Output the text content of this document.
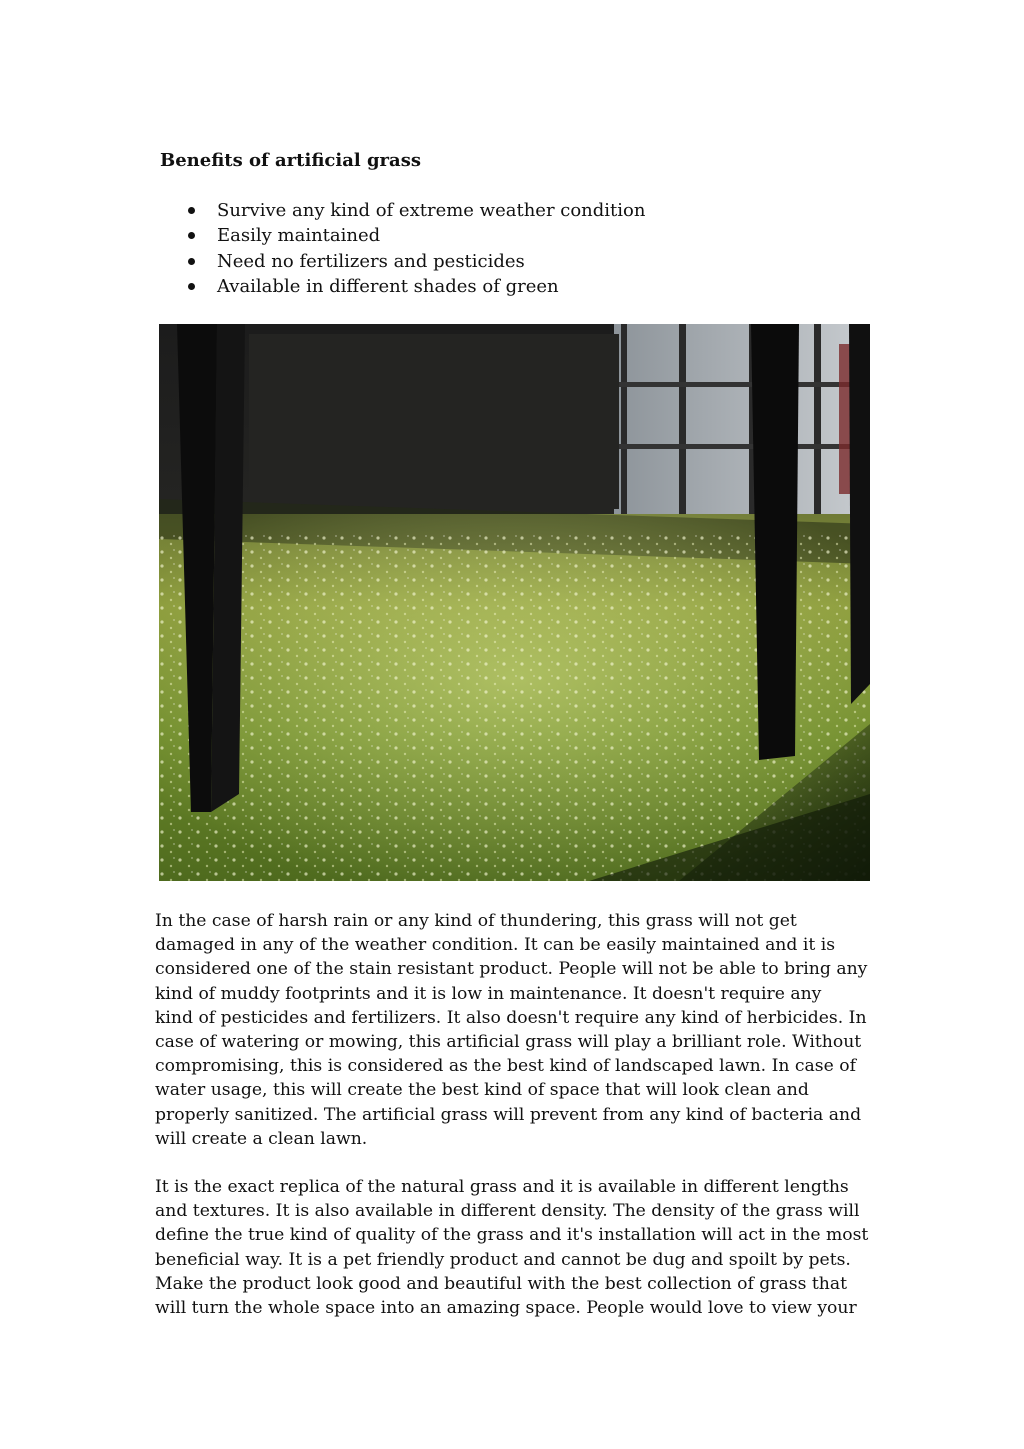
Benefits of artificial grass
Survive any kind of extreme weather condition
Easily maintained
Need no fertilizers and pesticides
Available in different shades of green
In the case of harsh rain or any kind of thundering, this grass will not get
damaged in any of the weather condition. It can be easily maintained and it is
considered one of the stain resistant product. People will not be able to bring any
kind of muddy footprints and it is low in maintenance. It doesn't require any
kind of pesticides and fertilizers. It also doesn't require any kind of herbicides. In
case of watering or mowing, this artificial grass will play a brilliant role. Without
compromising, this is considered as the best kind of landscaped lawn. In case of
water usage, this will create the best kind of space that will look clean and
properly sanitized. The artificial grass will prevent from any kind of bacteria and
will create a clean lawn.
It is the exact replica of the natural grass and it is available in different lengths
and textures. It is also available in different density. The density of the grass will
define the true kind of quality of the grass and it's installation will act in the most
beneficial way. It is a pet friendly product and cannot be dug and spoilt by pets.
Make the product look good and beautiful with the best collection of grass that
will turn the whole space into an amazing space. People would love to view your
